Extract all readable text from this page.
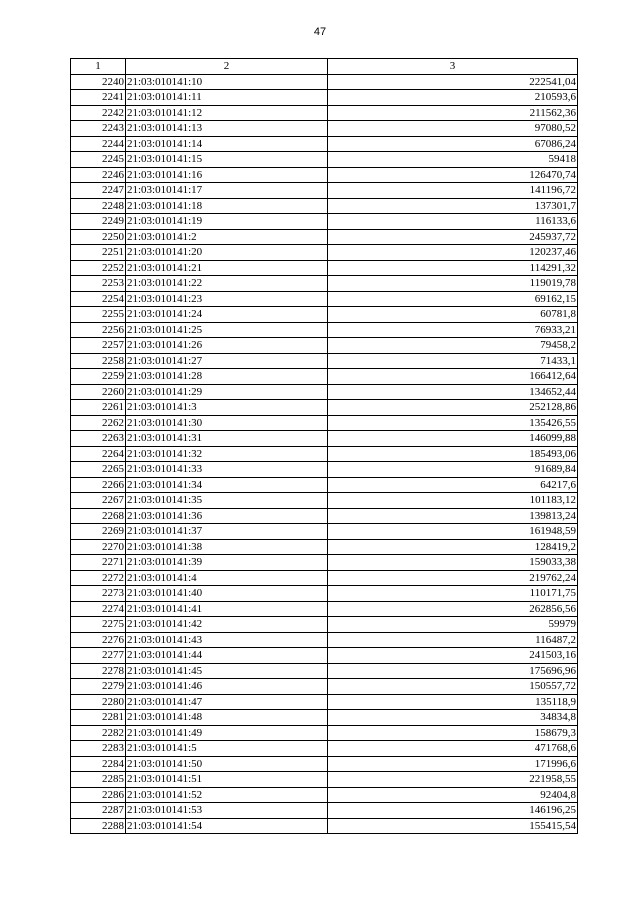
47
1	2	3
2240	21:03:010141:10	222541,04
2241	21:03:010141:11	210593,6
2242	21:03:010141:12	211562,36
2243	21:03:010141:13	97080,52
2244	21:03:010141:14	67086,24
2245	21:03:010141:15	59418
2246	21:03:010141:16	126470,74
2247	21:03:010141:17	141196,72
2248	21:03:010141:18	137301,7
2249	21:03:010141:19	116133,6
2250	21:03:010141:2	245937,72
2251	21:03:010141:20	120237,46
2252	21:03:010141:21	114291,32
2253	21:03:010141:22	119019,78
2254	21:03:010141:23	69162,15
2255	21:03:010141:24	60781,8
2256	21:03:010141:25	76933,21
2257	21:03:010141:26	79458,2
2258	21:03:010141:27	71433,1
2259	21:03:010141:28	166412,64
2260	21:03:010141:29	134652,44
2261	21:03:010141:3	252128,86
2262	21:03:010141:30	135426,55
2263	21:03:010141:31	146099,88
2264	21:03:010141:32	185493,06
2265	21:03:010141:33	91689,84
2266	21:03:010141:34	64217,6
2267	21:03:010141:35	101183,12
2268	21:03:010141:36	139813,24
2269	21:03:010141:37	161948,59
2270	21:03:010141:38	128419,2
2271	21:03:010141:39	159033,38
2272	21:03:010141:4	219762,24
2273	21:03:010141:40	110171,75
2274	21:03:010141:41	262856,56
2275	21:03:010141:42	59979
2276	21:03:010141:43	116487,2
2277	21:03:010141:44	241503,16
2278	21:03:010141:45	175696,96
2279	21:03:010141:46	150557,72
2280	21:03:010141:47	135118,9
2281	21:03:010141:48	34834,8
2282	21:03:010141:49	158679,3
2283	21:03:010141:5	471768,6
2284	21:03:010141:50	171996,6
2285	21:03:010141:51	221958,55
2286	21:03:010141:52	92404,8
2287	21:03:010141:53	146196,25
2288	21:03:010141:54	155415,54
